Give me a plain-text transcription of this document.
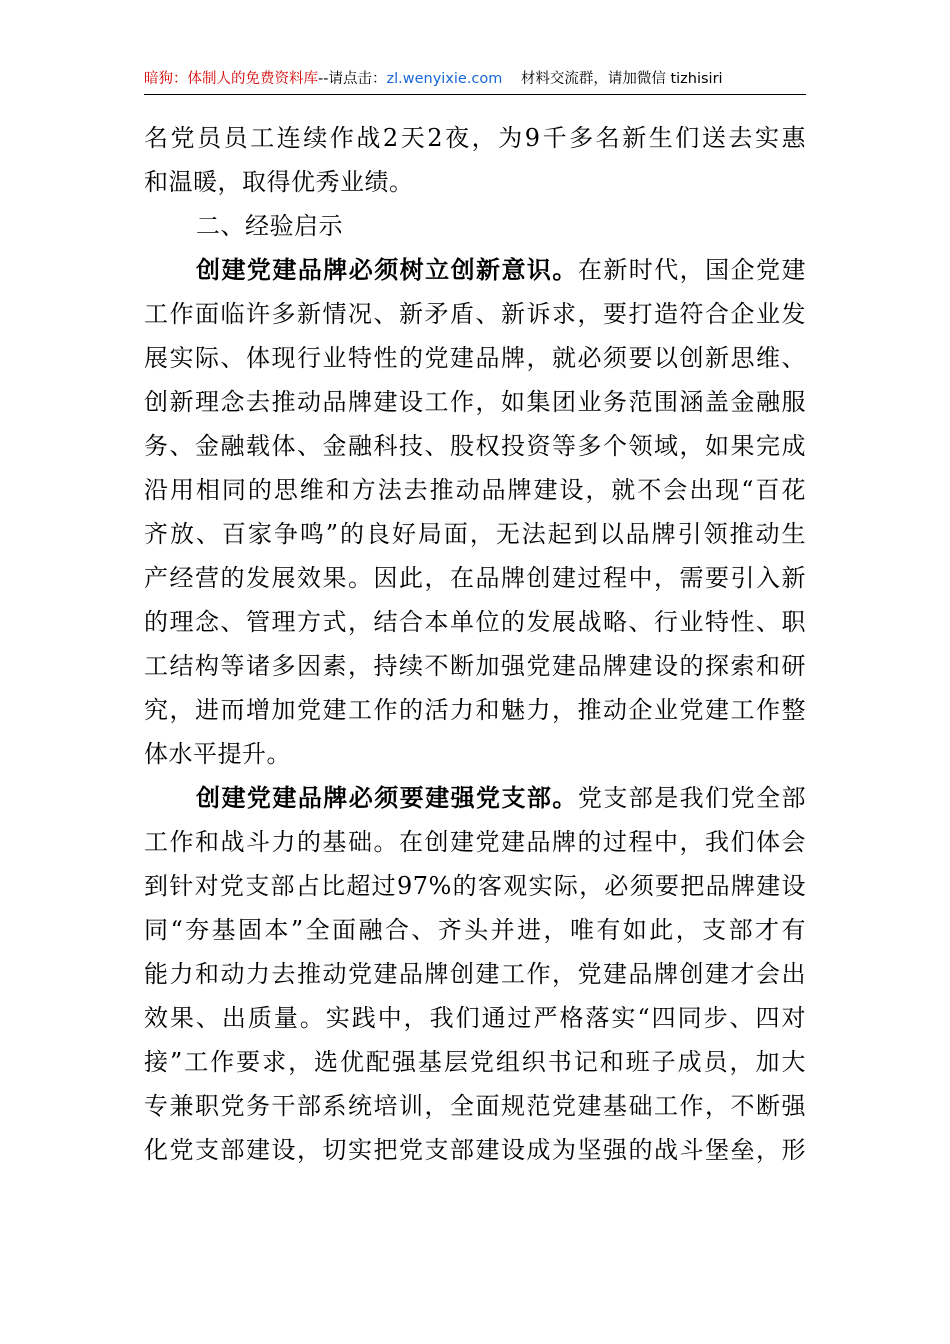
暗狗：体制人的免费资料库--请点击：zl.wenyixie.com 材料交流群，请加微信 tizhisiri
名党员员工连续作战2天2夜，为9千多名新生们送去实惠
和温暖，取得优秀业绩。
二、经验启示
创建党建品牌必须树立创新意识。在新时代，国企党建
工作面临许多新情况、新矛盾、新诉求，要打造符合企业发
展实际、体现行业特性的党建品牌，就必须要以创新思维、
创新理念去推动品牌建设工作，如集团业务范围涵盖金融服
务、金融载体、金融科技、股权投资等多个领域，如果完成
沿用相同的思维和方法去推动品牌建设，就不会出现“百花
齐放、百家争鸣”的良好局面，无法起到以品牌引领推动生
产经营的发展效果。因此，在品牌创建过程中，需要引入新
的理念、管理方式，结合本单位的发展战略、行业特性、职
工结构等诸多因素，持续不断加强党建品牌建设的探索和研
究，进而增加党建工作的活力和魅力，推动企业党建工作整
体水平提升。
创建党建品牌必须要建强党支部。党支部是我们党全部
工作和战斗力的基础。在创建党建品牌的过程中，我们体会
到针对党支部占比超过97%的客观实际，必须要把品牌建设
同“夯基固本”全面融合、齐头并进，唯有如此，支部才有
能力和动力去推动党建品牌创建工作，党建品牌创建才会出
效果、出质量。实践中，我们通过严格落实“四同步、四对
接”工作要求，选优配强基层党组织书记和班子成员，加大
专兼职党务干部系统培训，全面规范党建基础工作，不断强
化党支部建设，切实把党支部建设成为坚强的战斗堡垒，形
